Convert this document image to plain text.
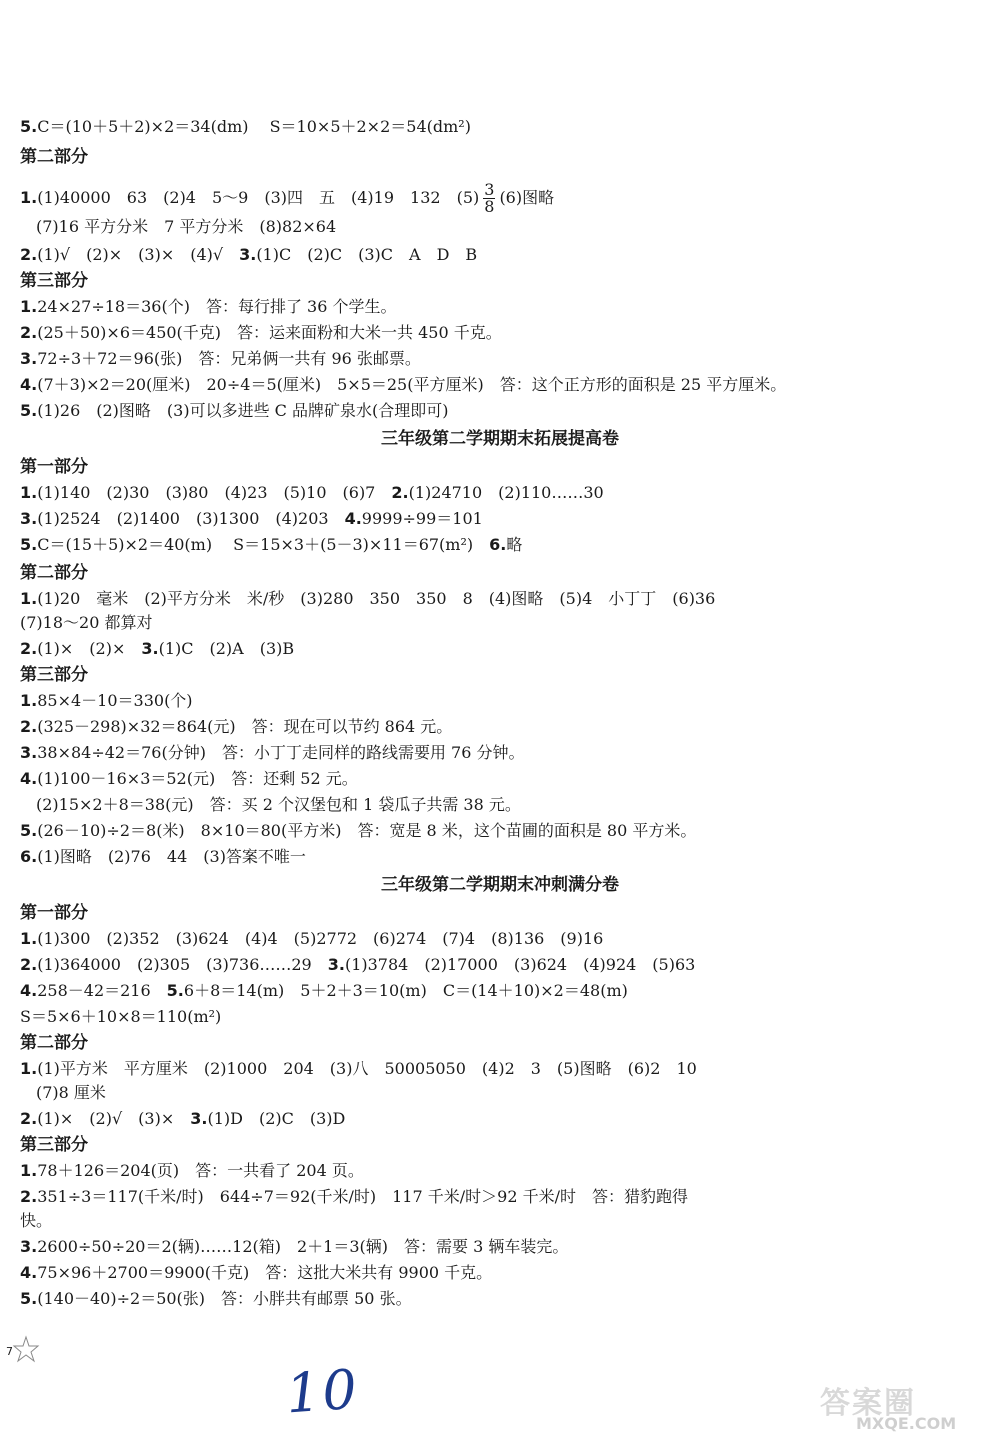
5.C＝(10＋5＋2)×2＝34(dm)　 S＝10×5＋2×2＝54(dm²)
第二部分
1.(1)40000　63　(2)4　5～9　(3)四　五　(4)19　132　$(5) \frac{3}{8} (6)$图略
(7)16 平方分米　7 平方分米　(8)82×64
2.(1)√　(2)×　(3)×　(4)√　3.(1)C　(2)C　(3)C　A　D　B
第三部分
1.24×27÷18＝36(个)　答：每行排了 36 个学生。
2.(25＋50)×6＝450(千克)　答：运来面粉和大米一共 450 千克。
3.72÷3＋72＝96(张)　答：兄弟俩一共有 96 张邮票。
4.(7＋3)×2＝20(厘米)　20÷4＝5(厘米)　5×5＝25(平方厘米)　答：这个正方形的面积是 25 平方厘米。
5.(1)26　(2)图略　(3)可以多进些 C 品牌矿泉水(合理即可)
三年级第二学期期末拓展提高卷
第一部分
1.(1)140　(2)30　(3)80　(4)23　(5)10　(6)7　2.(1)24710　(2)110……30
3.(1)2524　(2)1400　(3)1300　(4)203　4.9999÷99＝101
5.C＝(15＋5)×2＝40(m)　 S＝15×3＋(5－3)×11＝67(m²)　6.略
第二部分
1.(1)20　毫米　(2)平方分米　米/秒　(3)280　350　350　8　(4)图略　(5)4　小丁丁　(6)36
(7)18～20 都算对
2.(1)×　(2)×　3.(1)C　(2)A　(3)B
第三部分
1.85×4－10＝330(个)
2.(325－298)×32＝864(元)　答：现在可以节约 864 元。
3.38×84÷42＝76(分钟)　答：小丁丁走同样的路线需要用 76 分钟。
4.(1)100－16×3＝52(元)　答：还剩 52 元。
(2)15×2＋8＝38(元)　答：买 2 个汉堡包和 1 袋瓜子共需 38 元。
5.(26－10)÷2＝8(米)　8×10＝80(平方米)　答：宽是 8 米，这个苗圃的面积是 80 平方米。
6.(1)图略　(2)76　44　(3)答案不唯一
三年级第二学期期末冲刺满分卷
第一部分
1.(1)300　(2)352　(3)624　(4)4　(5)2772　(6)274　(7)4　(8)136　(9)16
2.(1)364000　(2)305　(3)736……29　3.(1)3784　(2)17000　(3)624　(4)924　(5)63
4.258－42＝216　5.6＋8＝14(m)　5＋2＋3＝10(m)　C＝(14＋10)×2＝48(m)
S＝5×6＋10×8＝110(m²)
第二部分
1.(1)平方米　平方厘米　(2)1000　204　(3)八　50005050　(4)2　3　(5)图略　(6)2　10
(7)8 厘米
2.(1)×　(2)√　(3)×　3.(1)D　(2)C　(3)D
第三部分
1.78＋126＝204(页)　答：一共看了 204 页。
2.351÷3＝117(千米/时)　644÷7＝92(千米/时)　117 千米/时＞92 千米/时　答：猎豹跑得
快。
3.2600÷50÷20＝2(辆)……12(箱)　2＋1＝3(辆)　答：需要 3 辆车装完。
4.75×96＋2700＝9900(千克)　答：这批大米共有 9900 千克。
5.(140－40)÷2＝50(张)　答：小胖共有邮票 50 张。
7
10	答案圈
MXQE.COM
